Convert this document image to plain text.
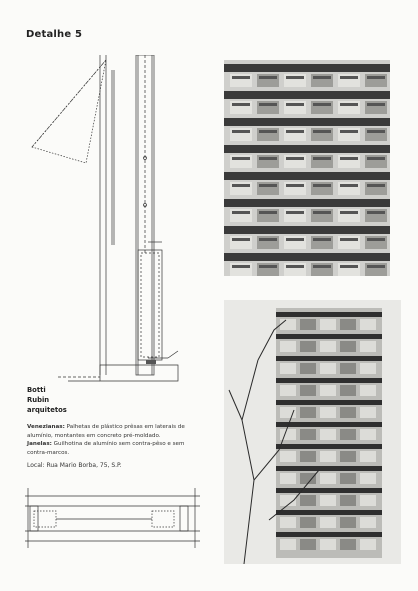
Detalhe 5
Botti
Rubin
arquitetos
Venezianas: Palhetas de plástico prêsas em laterais de alumínio, montantes em concreto pré-moldado.
Janelas: Guilhotina de alumínio sem contra-pêso e sem contra-marcos.
Local: Rua Mario Borba, 75, S.P.
